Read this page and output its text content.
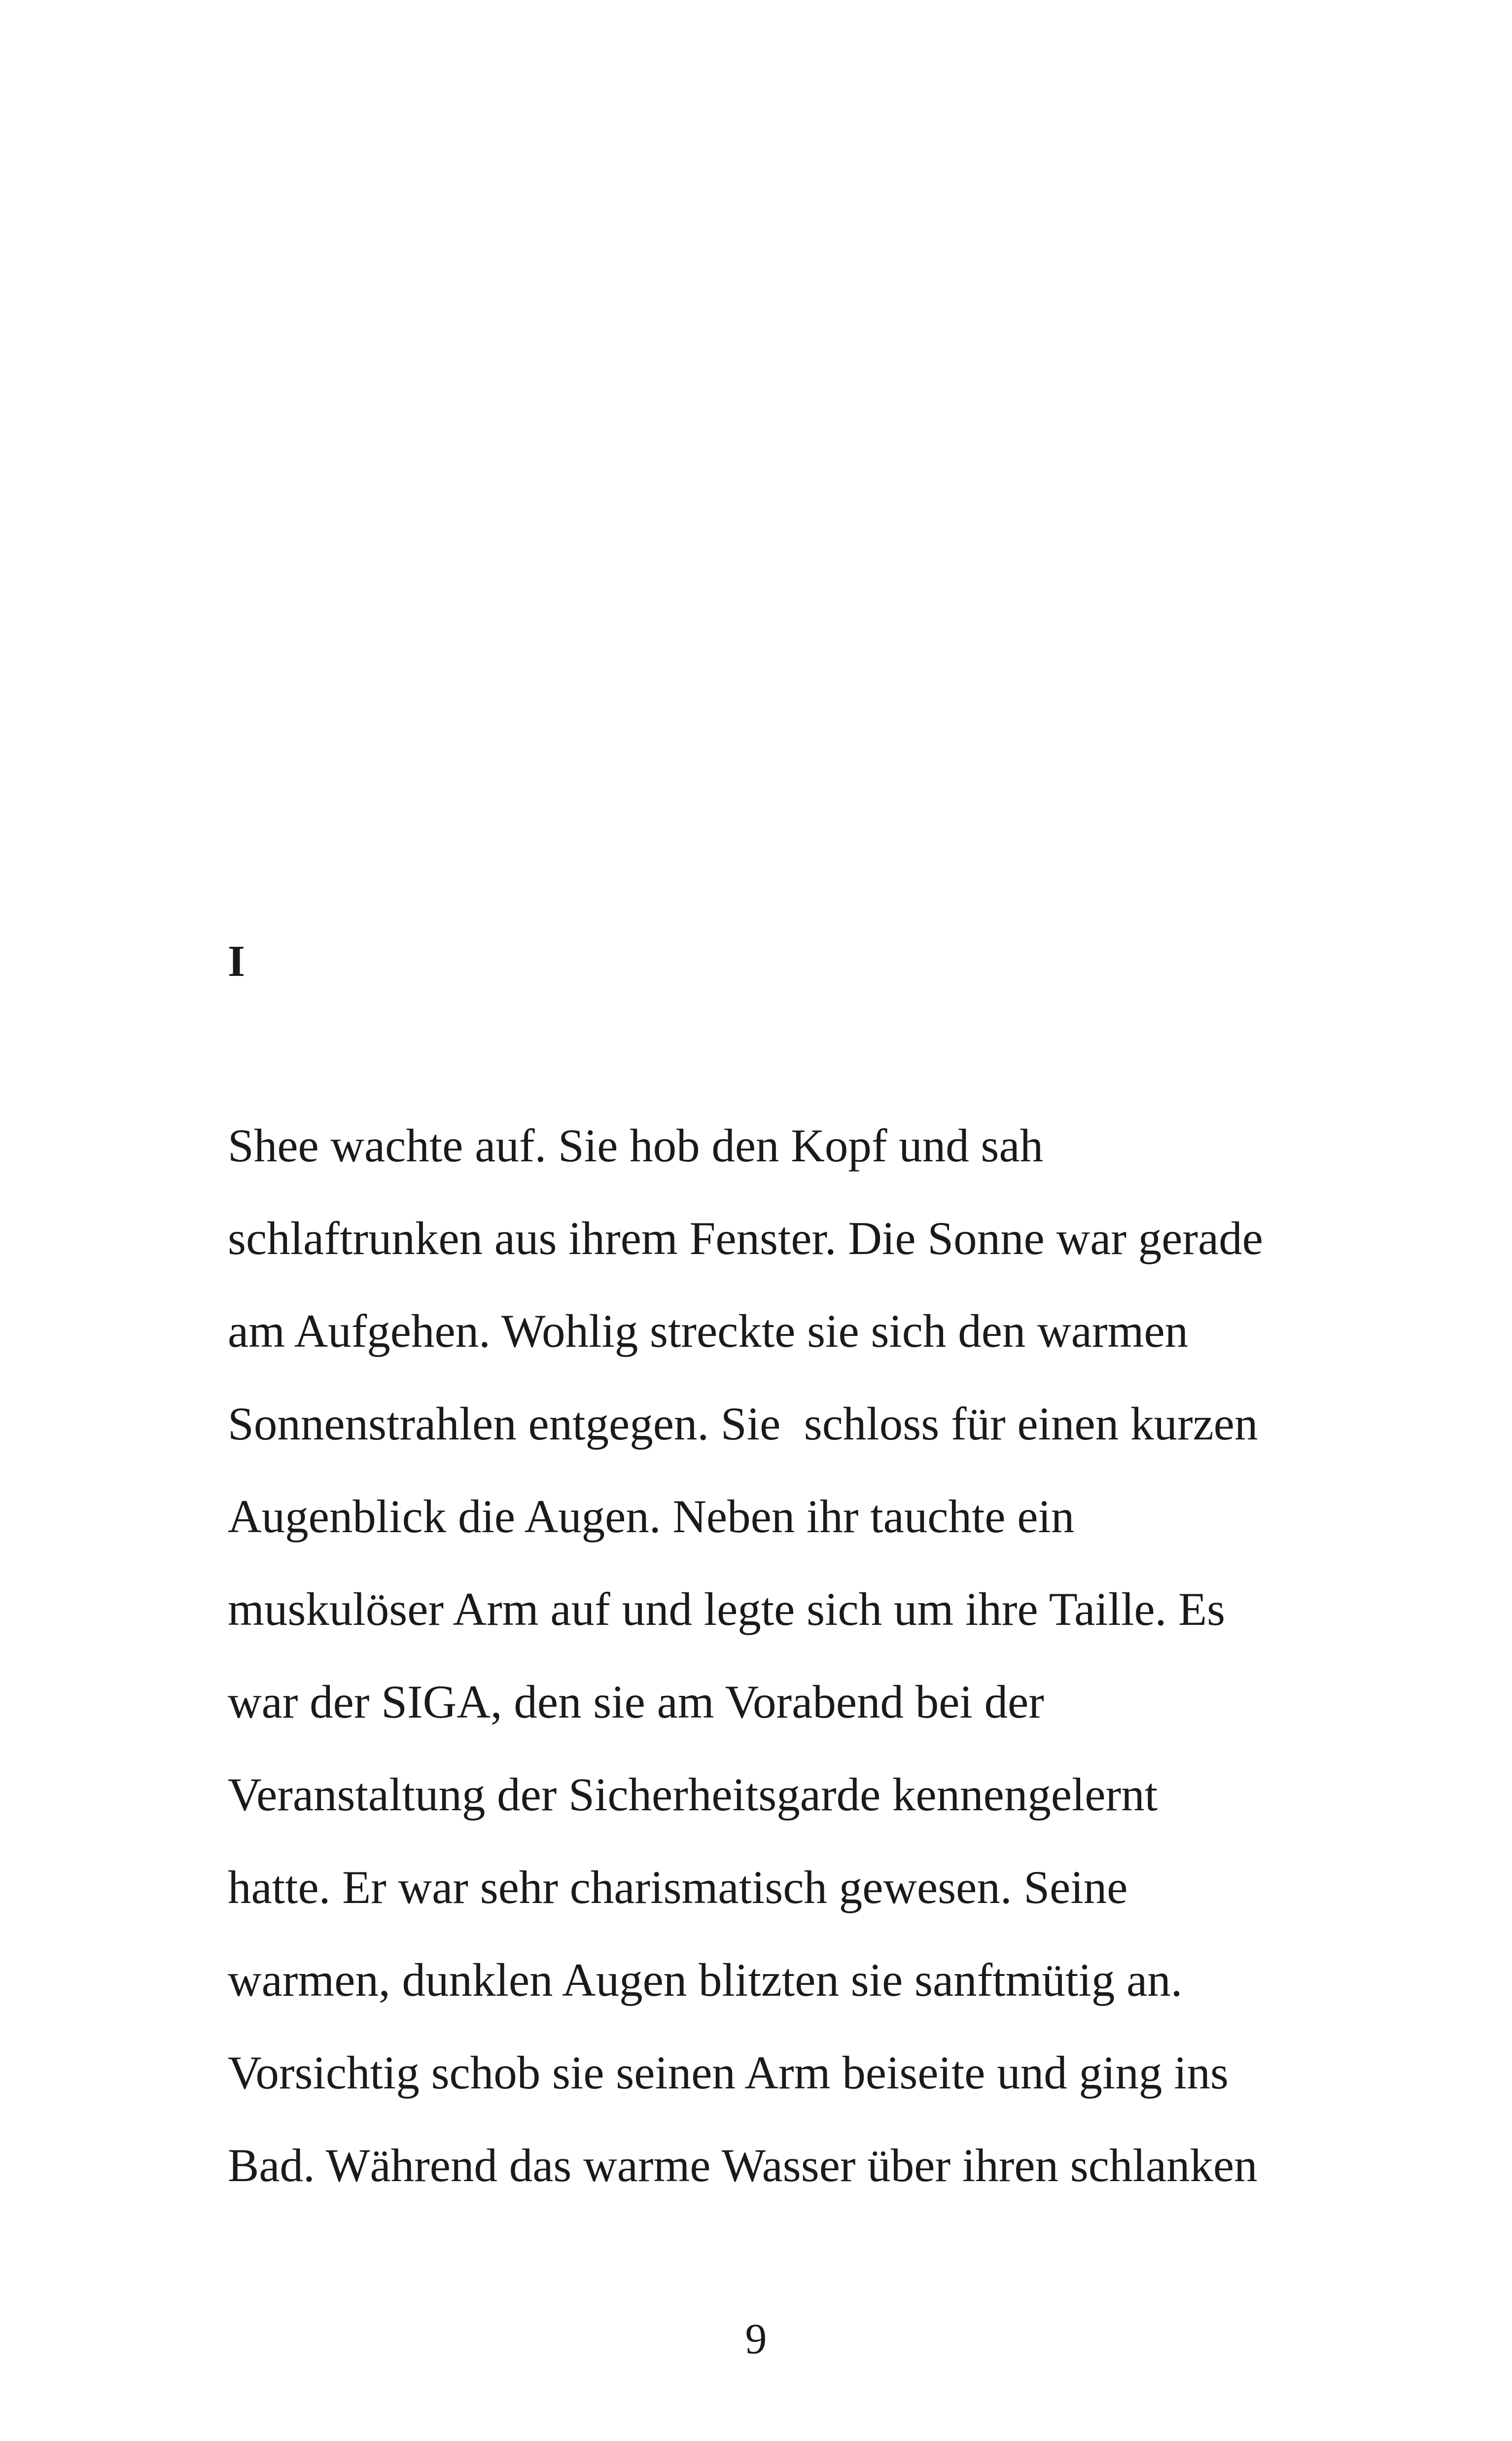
I
Shee wachte auf. Sie hob den Kopf und sah
schlaftrunken aus ihrem Fenster. Die Sonne war gerade
am Aufgehen. Wohlig streckte sie sich den warmen
Sonnenstrahlen entgegen. Sie  schloss für einen kurzen
Augenblick die Augen. Neben ihr tauchte ein
muskulöser Arm auf und legte sich um ihre Taille. Es
war der SIGA, den sie am Vorabend bei der
Veranstaltung der Sicherheitsgarde kennengelernt
hatte. Er war sehr charismatisch gewesen. Seine
warmen, dunklen Augen blitzten sie sanftmütig an.
Vorsichtig schob sie seinen Arm beiseite und ging ins
Bad. Während das warme Wasser über ihren schlanken
9
